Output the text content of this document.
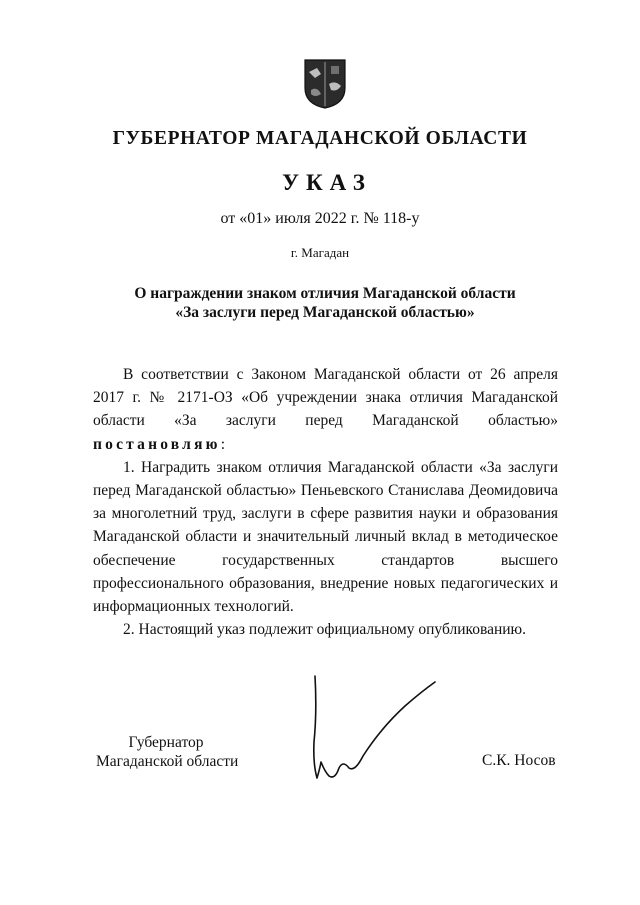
ГУБЕРНАТОР МАГАДАНСКОЙ ОБЛАСТИ
УКАЗ
от «01» июля 2022 г. № 118-у
г. Магадан
О награждении знаком отличия Магаданской области
«За заслуги перед Магаданской областью»

В соответствии с Законом Магаданской области от 26 апреля 2017 г. № 2171-ОЗ «Об учреждении знака отличия Магаданской области «За заслуги перед Магаданской областью» постановляю:

1. Наградить знаком отличия Магаданской области «За заслуги перед Магаданской областью» Пеньевского Станислава Деомидовича за многолетний труд, заслуги в сфере развития науки и образования Магаданской области и значительный личный вклад в методическое обеспечение государственных стандартов высшего профессионального образования, внедрение новых педагогических и информационных технологий.

2. Настоящий указ подлежит официальному опубликованию.

Губернатор
Магаданской области	С.К. Носов
